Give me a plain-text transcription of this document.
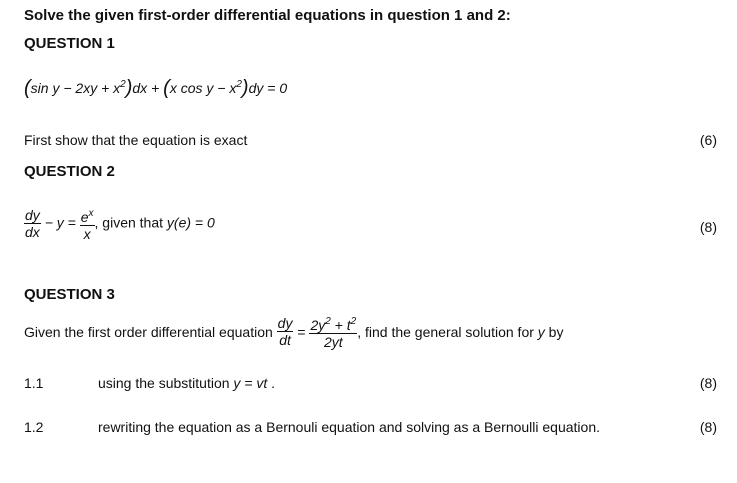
Solve the given first-order differential equations in question 1 and 2:
QUESTION 1
(sin $y - 2xy + x^2)dx + (x$ $\cos y - x^2)dy = 0$
First show that the equation is exact	(6)
QUESTION 2
$\frac{dy}{dx} - y = \frac{e^x}{x}$ , given that y(e) = 0	(8)
QUESTION 3
Given the first order differential equation $\frac{dy}{dt} = \frac{2y^2 + t^2}{2yt}$ , find the general solution for y by
1.1	using the substitution y = vt .	(8)
1.2	rewriting the equation as a Bernouli equation and solving as a Bernoulli equation.	(8)
